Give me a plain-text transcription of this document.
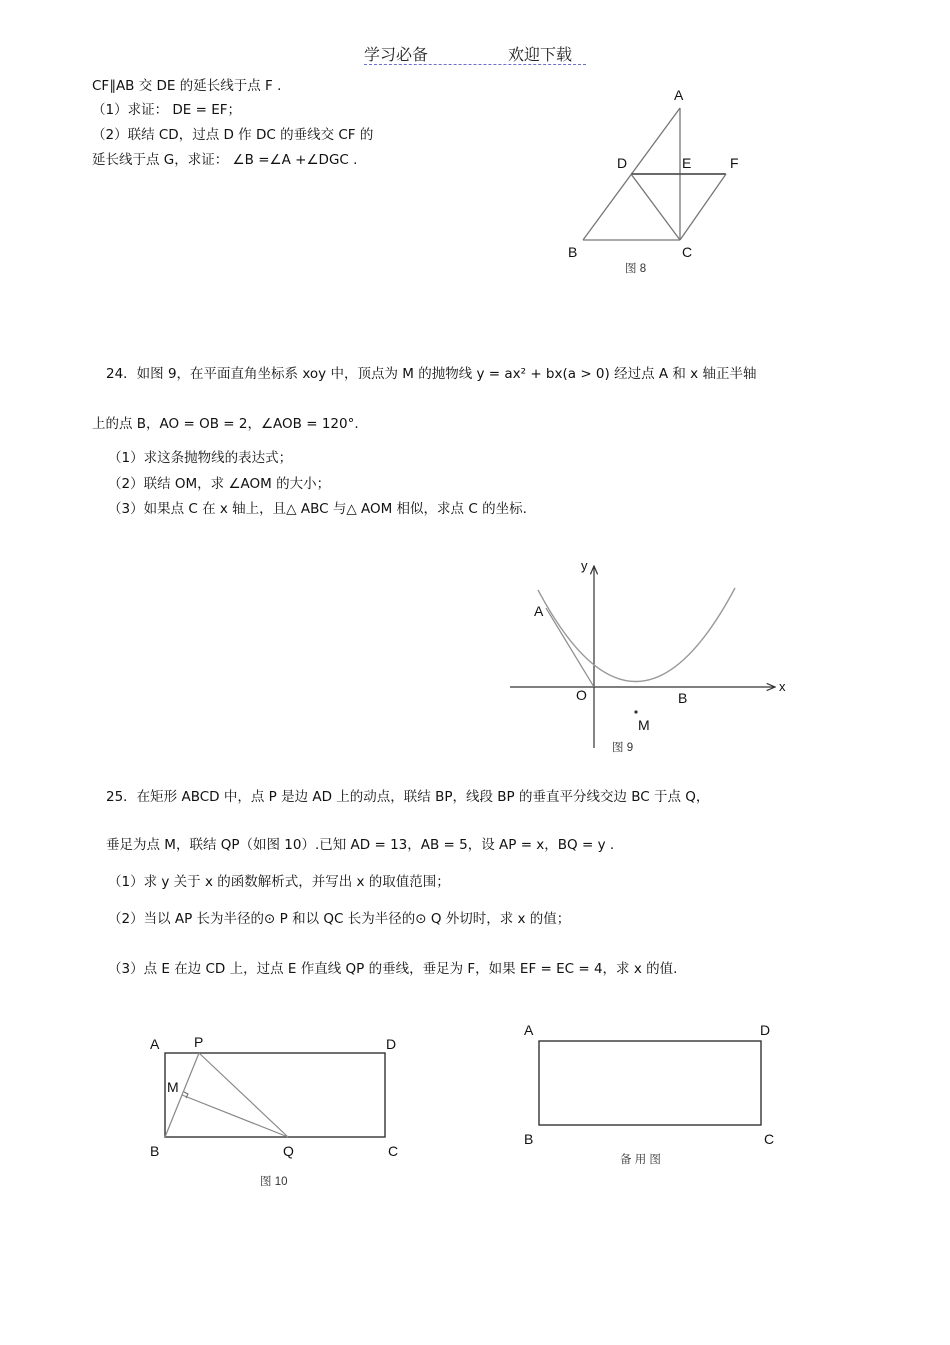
学习必备	欢迎下载
CF∥AB 交 DE 的延长线于点 F .
（1）求证： DE = EF；
（2）联结 CD，过点 D 作 DC 的垂线交 CF 的
延长线于点 G，求证： ∠B =∠A +∠DGC .
A
D	E	F
B	C
图 8
24．如图 9，在平面直角坐标系 xoy 中，顶点为 M 的抛物线 y = ax² + bx(a > 0) 经过点 A 和 x 轴正半轴
上的点 B，AO = OB = 2，∠AOB = 120°.
（1）求这条抛物线的表达式；
（2）联结 OM，求 ∠AOM 的大小；
（3）如果点 C 在 x 轴上，且△ ABC 与△ AOM 相似，求点 C 的坐标.
y
x
A
O	B
M
图 9
25．在矩形 ABCD 中，点 P 是边 AD 上的动点，联结 BP，线段 BP 的垂直平分线交边 BC 于点 Q，
垂足为点 M，联结 QP（如图 10）.已知 AD = 13，AB = 5，设 AP = x，BQ = y .
（1）求 y 关于 x 的函数解析式，并写出 x 的取值范围；
（2）当以 AP 长为半径的⊙ P 和以 QC 长为半径的⊙ Q 外切时，求 x 的值；
（3）点 E 在边 CD 上，过点 E 作直线 QP 的垂线，垂足为 F，如果 EF = EC = 4，求 x 的值.
A P	D
M
B	Q	C
图 10
A	D
B	C
备 用 图
